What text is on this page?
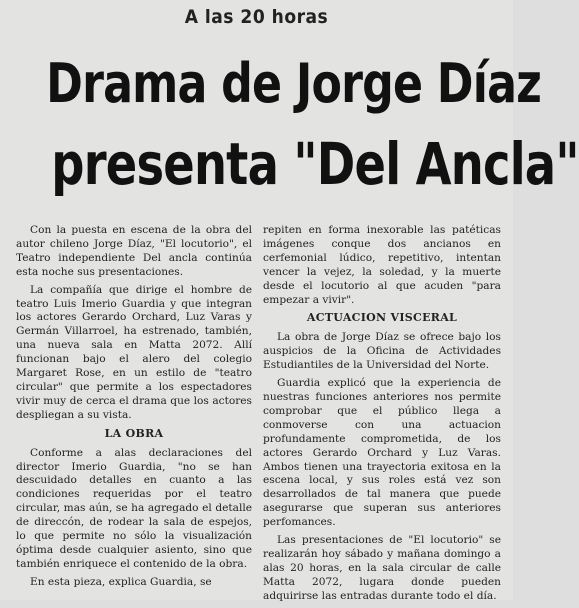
A las 20 horas
Drama de Jorge Díaz
presenta "Del Ancla"

Con la puesta en escena de la obra del autor chileno Jorge Díaz, "El locutorio", el Teatro independiente Del ancla continúa esta noche sus presentaciones.

La compañía que dirige el hombre de teatro Luis Imerio Guardia y que integran los actores Gerardo Orchard, Luz Varas y Germán Villarroel, ha estrenado, también, una nueva sala en Matta 2072. Allí funcionan bajo el alero del colegio Margaret Rose, en un estilo de "teatro circular" que permite a los espectadores vivir muy de cerca el drama que los actores despliegan a su vista.

LA OBRA

Conforme a alas declaraciones del director Imerio Guardia, "no se han descuidado detalles en cuanto a las condiciones requeridas por el teatro circular, mas aún, se ha agregado el detalle de direccón, de rodear la sala de espejos, lo que permite no sólo la visualización óptima desde cualquier asiento, sino que también enriquece el contenido de la obra.

En esta pieza, explica Guardia, se

repiten en forma inexorable las patéticas imágenes conque dos ancianos en cerfemonial lúdico, repetitivo, intentan vencer la vejez, la soledad, y la muerte desde el locutorio al que acuden "para empezar a vivir".

ACTUACION VISCERAL

La obra de Jorge Díaz se ofrece bajo los auspicios de la Oficina de Actividades Estudiantiles de la Universidad del Norte.

Guardia explicó que la experiencia de nuestras funciones anteriores nos permite comprobar que el público llega a conmoverse con una actuacion profundamente comprometida, de los actores Gerardo Orchard y Luz Varas. Ambos tienen una trayectoria exitosa en la escena local, y sus roles está vez son desarrollados de tal manera que puede asegurarse que superan sus anteriores perfomances.

Las presentaciones de "El locutorio" se realizarán hoy sábado y mañana domingo a alas 20 horas, en la sala circular de calle Matta 2072, lugara donde pueden adquirirse las entradas durante todo el día.
